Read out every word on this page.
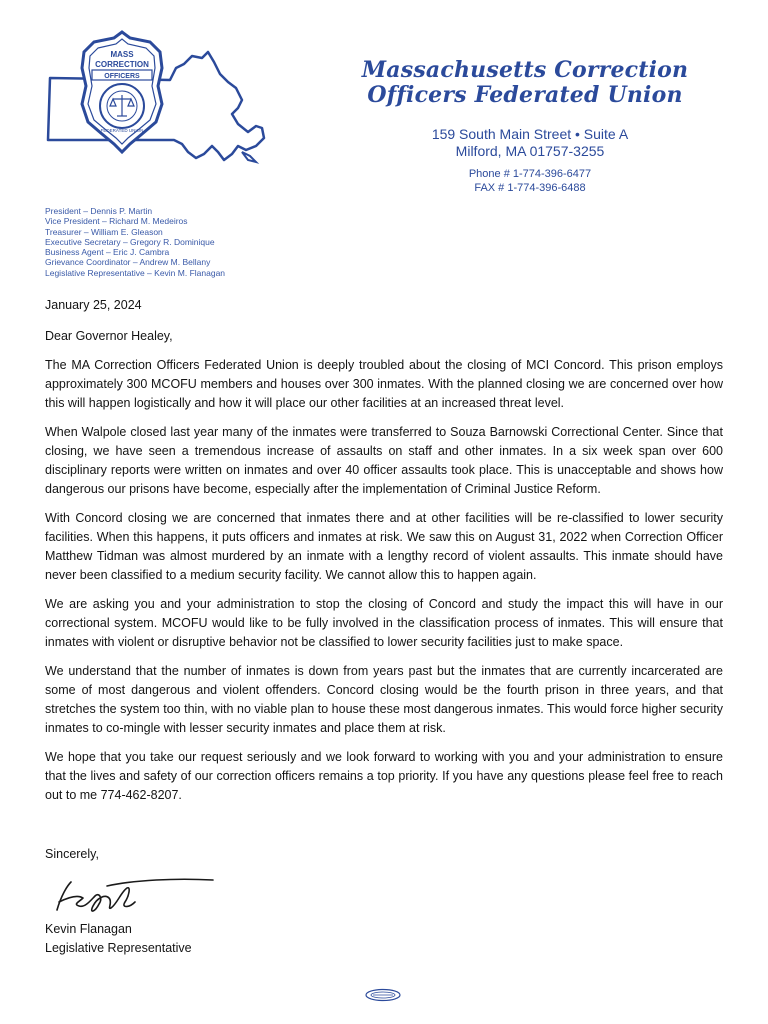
MASS
CORRECTION
OFFICERS
FEDERATED UNION
Massachusetts Correction
Officers Federated Union
159 South Main Street • Suite A
Milford, MA 01757-3255
Phone # 1-774-396-6477
FAX # 1-774-396-6488
President – Dennis P. Martin
Vice President – Richard M. Medeiros
Treasurer – William E. Gleason
Executive Secretary – Gregory R. Dominique
Business Agent – Eric J. Cambra
Grievance Coordinator – Andrew M. Bellany
Legislative Representative – Kevin M. Flanagan

January 25, 2024

Dear Governor Healey,

The MA Correction Officers Federated Union is deeply troubled about the closing of MCI Concord. This prison employs approximately 300 MCOFU members and houses over 300 inmates. With the planned closing we are concerned over how this will happen logistically and how it will place our other facilities at an increased threat level.

When Walpole closed last year many of the inmates were transferred to Souza Barnowski Correctional Center. Since that closing, we have seen a tremendous increase of assaults on staff and other inmates. In a six week span over 600 disciplinary reports were written on inmates and over 40 officer assaults took place. This is unacceptable and shows how dangerous our prisons have become, especially after the implementation of Criminal Justice Reform.

With Concord closing we are concerned that inmates there and at other facilities will be re-classified to lower security facilities. When this happens, it puts officers and inmates at risk. We saw this on August 31, 2022 when Correction Officer Matthew Tidman was almost murdered by an inmate with a lengthy record of violent assaults. This inmate should have never been classified to a medium security facility. We cannot allow this to happen again.

We are asking you and your administration to stop the closing of Concord and study the impact this will have in our correctional system. MCOFU would like to be fully involved in the classification process of inmates. This will ensure that inmates with violent or disruptive behavior not be classified to lower security facilities just to make space.

We understand that the number of inmates is down from years past but the inmates that are currently incarcerated are some of most dangerous and violent offenders. Concord closing would be the fourth prison in three years, and that stretches the system too thin, with no viable plan to house these most dangerous inmates. This would force higher security inmates to co-mingle with lesser security inmates and place them at risk.

We hope that you take our request seriously and we look forward to working with you and your administration to ensure that the lives and safety of our correction officers remains a top priority. If you have any questions please feel free to reach out to me 774-462-8207.

Sincerely,

Kevin Flanagan

Legislative Representative
